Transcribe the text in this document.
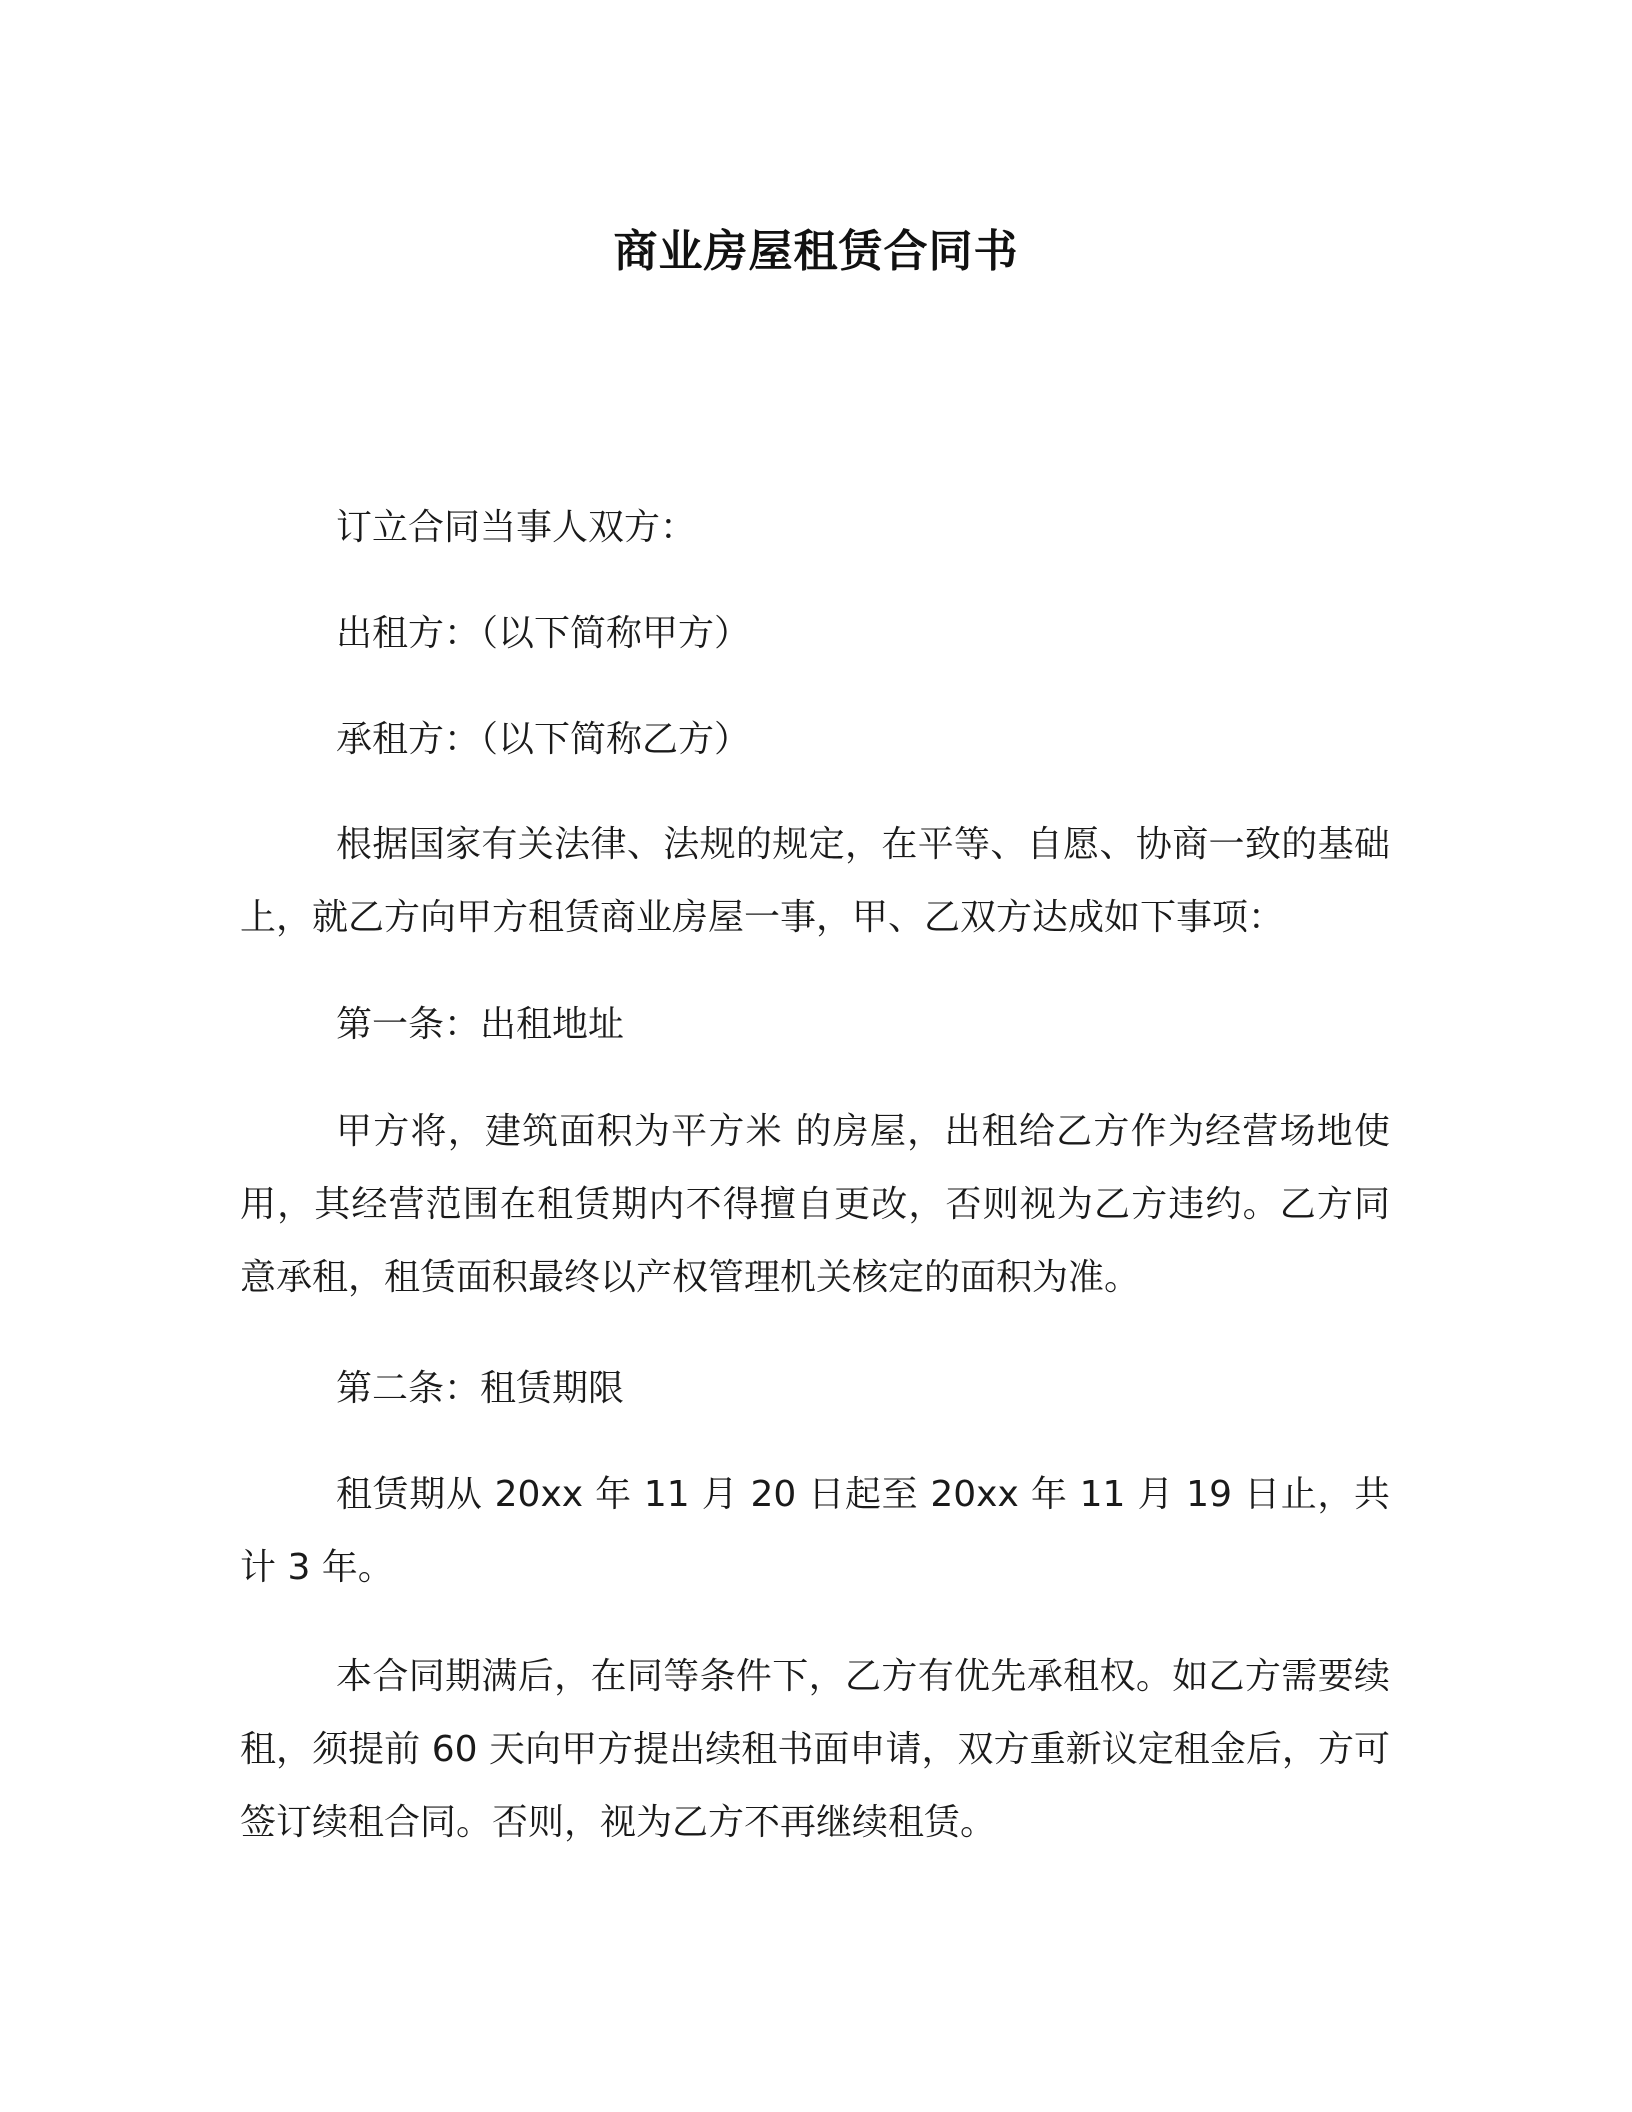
商业房屋租赁合同书

订立合同当事人双方：

出租方：（以下简称甲方）

承租方：（以下简称乙方）

根据国家有关法律、法规的规定，在平等、自愿、协商一致的基础上，就乙方向甲方租赁商业房屋一事，甲、乙双方达成如下事项：

第一条：出租地址

甲方将，建筑面积为平方米 的房屋，出租给乙方作为经营场地使用，其经营范围在租赁期内不得擅自更改，否则视为乙方违约。乙方同意承租，租赁面积最终以产权管理机关核定的面积为准。

第二条：租赁期限

租赁期从 20xx 年 11 月 20 日起至 20xx 年 11 月 19 日止，共计 3 年。

本合同期满后，在同等条件下，乙方有优先承租权。如乙方需要续租，须提前 60 天向甲方提出续租书面申请，双方重新议定租金后，方可签订续租合同。否则，视为乙方不再继续租赁。
